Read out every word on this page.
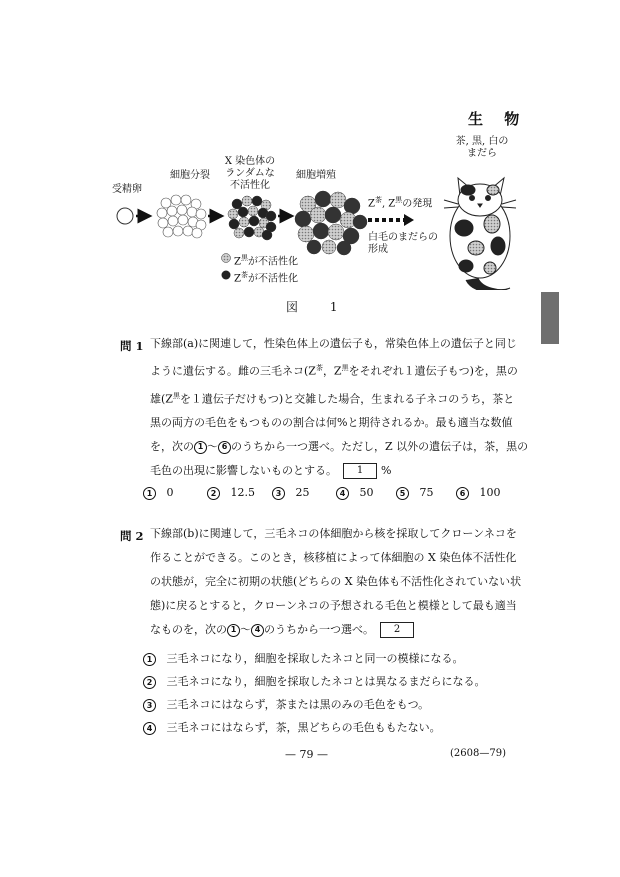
生 物
受精卵
細胞分裂
X 染色体の
ランダムな
不活性化
細胞増殖
茶, 黒, 白の
まだら
$Z^茶$, $Z^黒$の発現
白毛のまだらの
形成
$Z^黒$が不活性化
$Z^茶$が不活性化
図 1
問 1 下線部(a)に関連して，性染色体上の遺伝子も，常染色体上の遺伝子と同じ
ように遺伝する。雌の三毛ネコ($Z^茶$，$Z^黒$をそれぞれ１遺伝子もつ)を，黒の
雄($Z^黒$を１遺伝子だけもつ)と交雑した場合，生まれる子ネコのうち，茶と
黒の両方の毛色をもつものの割合は何%と期待されるか。最も適当な数値
を，次の 1 ～ 6 のうちから一つ選べ。ただし，Z 以外の遺伝子は，茶，黒の
毛色の出現に影響しないものとする。 1 %
1 0	2 12.5	3 25	4 50	5 75	6 100
問 2 下線部(b)に関連して，三毛ネコの体細胞から核を採取してクローンネコを
作ることができる。このとき，核移植によって体細胞の X 染色体不活性化
の状態が，完全に初期の状態(どちらの X 染色体も不活性化されていない状
態)に戻るとすると，クローンネコの予想される毛色と模様として最も適当
なものを，次の 1 ～ 4 のうちから一つ選べ。 2
1 三毛ネコになり，細胞を採取したネコと同一の模様になる。
2 三毛ネコになり，細胞を採取したネコとは異なるまだらになる。
3 三毛ネコにはならず，茶または黒のみの毛色をもつ。
4 三毛ネコにはならず，茶，黒どちらの毛色ももたない。
— 79 —	(2608—79)
